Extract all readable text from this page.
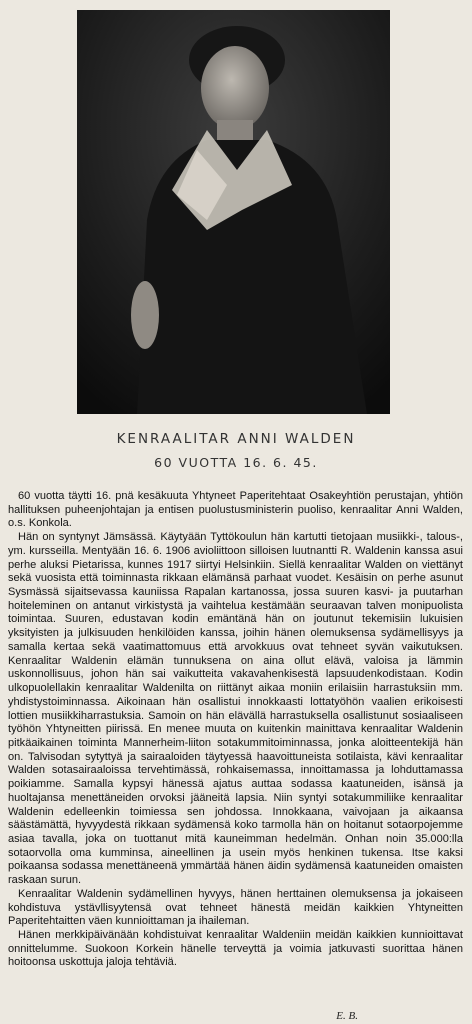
KENRAALITAR ANNI WALDEN
60 VUOTTA 16. 6. 45.

60 vuotta täytti 16. pnä kesäkuuta Yhtyneet Paperitehtaat Osakeyhtiön perustajan, yhtiön hallituksen puheenjohtajan ja entisen puolustusministerin puoliso, kenraalitar Anni Walden, o.s. Konkola.

Hän on syntynyt Jämsässä. Käytyään Tyttökoulun hän kartutti tietojaan musiikki-, talous-, ym. kursseilla. Mentyään 16. 6. 1906 avioliittoon silloisen luutnantti R. Waldenin kanssa asui perhe aluksi Pietarissa, kunnes 1917 siirtyi Helsinkiin. Siellä kenraalitar Walden on viettänyt sekä vuosista että toiminnasta rikkaan elämänsä parhaat vuodet. Kesäisin on perhe asunut Sysmässä sijaitsevassa kauniissa Rapalan kartanossa, jossa suuren kasvi- ja puutarhan hoiteleminen on antanut virkistystä ja vaihtelua kestämään seuraavan talven monipuolista toimintaa. Suuren, edustavan kodin emäntänä hän on joutunut tekemisiin lukuisien yksityisten ja julkisuuden henkilöiden kanssa, joihin hänen olemuksensa sydämellisyys ja samalla kertaa sekä vaatimattomuus että arvokkuus ovat tehneet syvän vaikutuksen. Kenraalitar Waldenin elämän tunnuksena on aina ollut elävä, valoisa ja lämmin uskonnollisuus, johon hän sai vaikutteita vakavahenkisestä lapsuudenkodistaan. Kodin ulkopuolellakin kenraalitar Waldenilta on riittänyt aikaa moniin erilaisiin harrastuksiin mm. yhdistystoiminnassa. Aikoinaan hän osallistui innokkaasti lottatyöhön vaalien erikoisesti lottien musiikkiharrastuksia. Samoin on hän elävällä harrastuksella osallistunut sosiaaliseen työhön Yhtyneitten piirissä. En menee muuta on kuitenkin mainittava kenraalitar Waldenin pitkäaikainen toiminta Mannerheim-liiton sotakummitoiminnassa, jonka aloitteentekijä hän on. Talvisodan sytyttyä ja sairaaloiden täytyessä haavoittuneista sotilaista, kävi kenraalitar Walden sotasairaaloissa tervehtimässä, rohkaisemassa, innoittamassa ja lohduttamassa poikiamme. Samalla kypsyi hänessä ajatus auttaa sodassa kaatuneiden, isänsä ja huoltajansa menettäneiden orvoksi jääneitä lapsia. Niin syntyi sotakummiliike kenraalitar Waldenin edelleenkin toimiessa sen johdossa. Innokkaana, vaivojaan ja aikaansa säästämättä, hyvyydestä rikkaan sydämensä koko tarmolla hän on hoitanut sotaorpojemme asiaa tavalla, joka on tuottanut mitä kauneimman hedelmän. Onhan noin 35.000:lla sotaorvolla oma kumminsa, aineellinen ja usein myös henkinen tukensa. Itse kaksi poikaansa sodassa menettäneenä ymmärtää hänen äidin sydämensä kaatuneiden omaisten raskaan surun.

Kenraalitar Waldenin sydämellinen hyvyys, hänen herttainen olemuksensa ja jokaiseen kohdistuva ystävllisyytensä ovat tehneet hänestä meidän kaikkien Yhtyneitten Paperitehtaitten väen kunnioittaman ja ihaileman.

Hänen merkkipäivänään kohdistuivat kenraalitar Waldeniin meidän kaikkien kunnioittavat onnittelumme. Suokoon Korkein hänelle terveyttä ja voimia jatkuvasti suorittaa hänen hoitoonsa uskottuja jaloja tehtäviä.

E. B.
